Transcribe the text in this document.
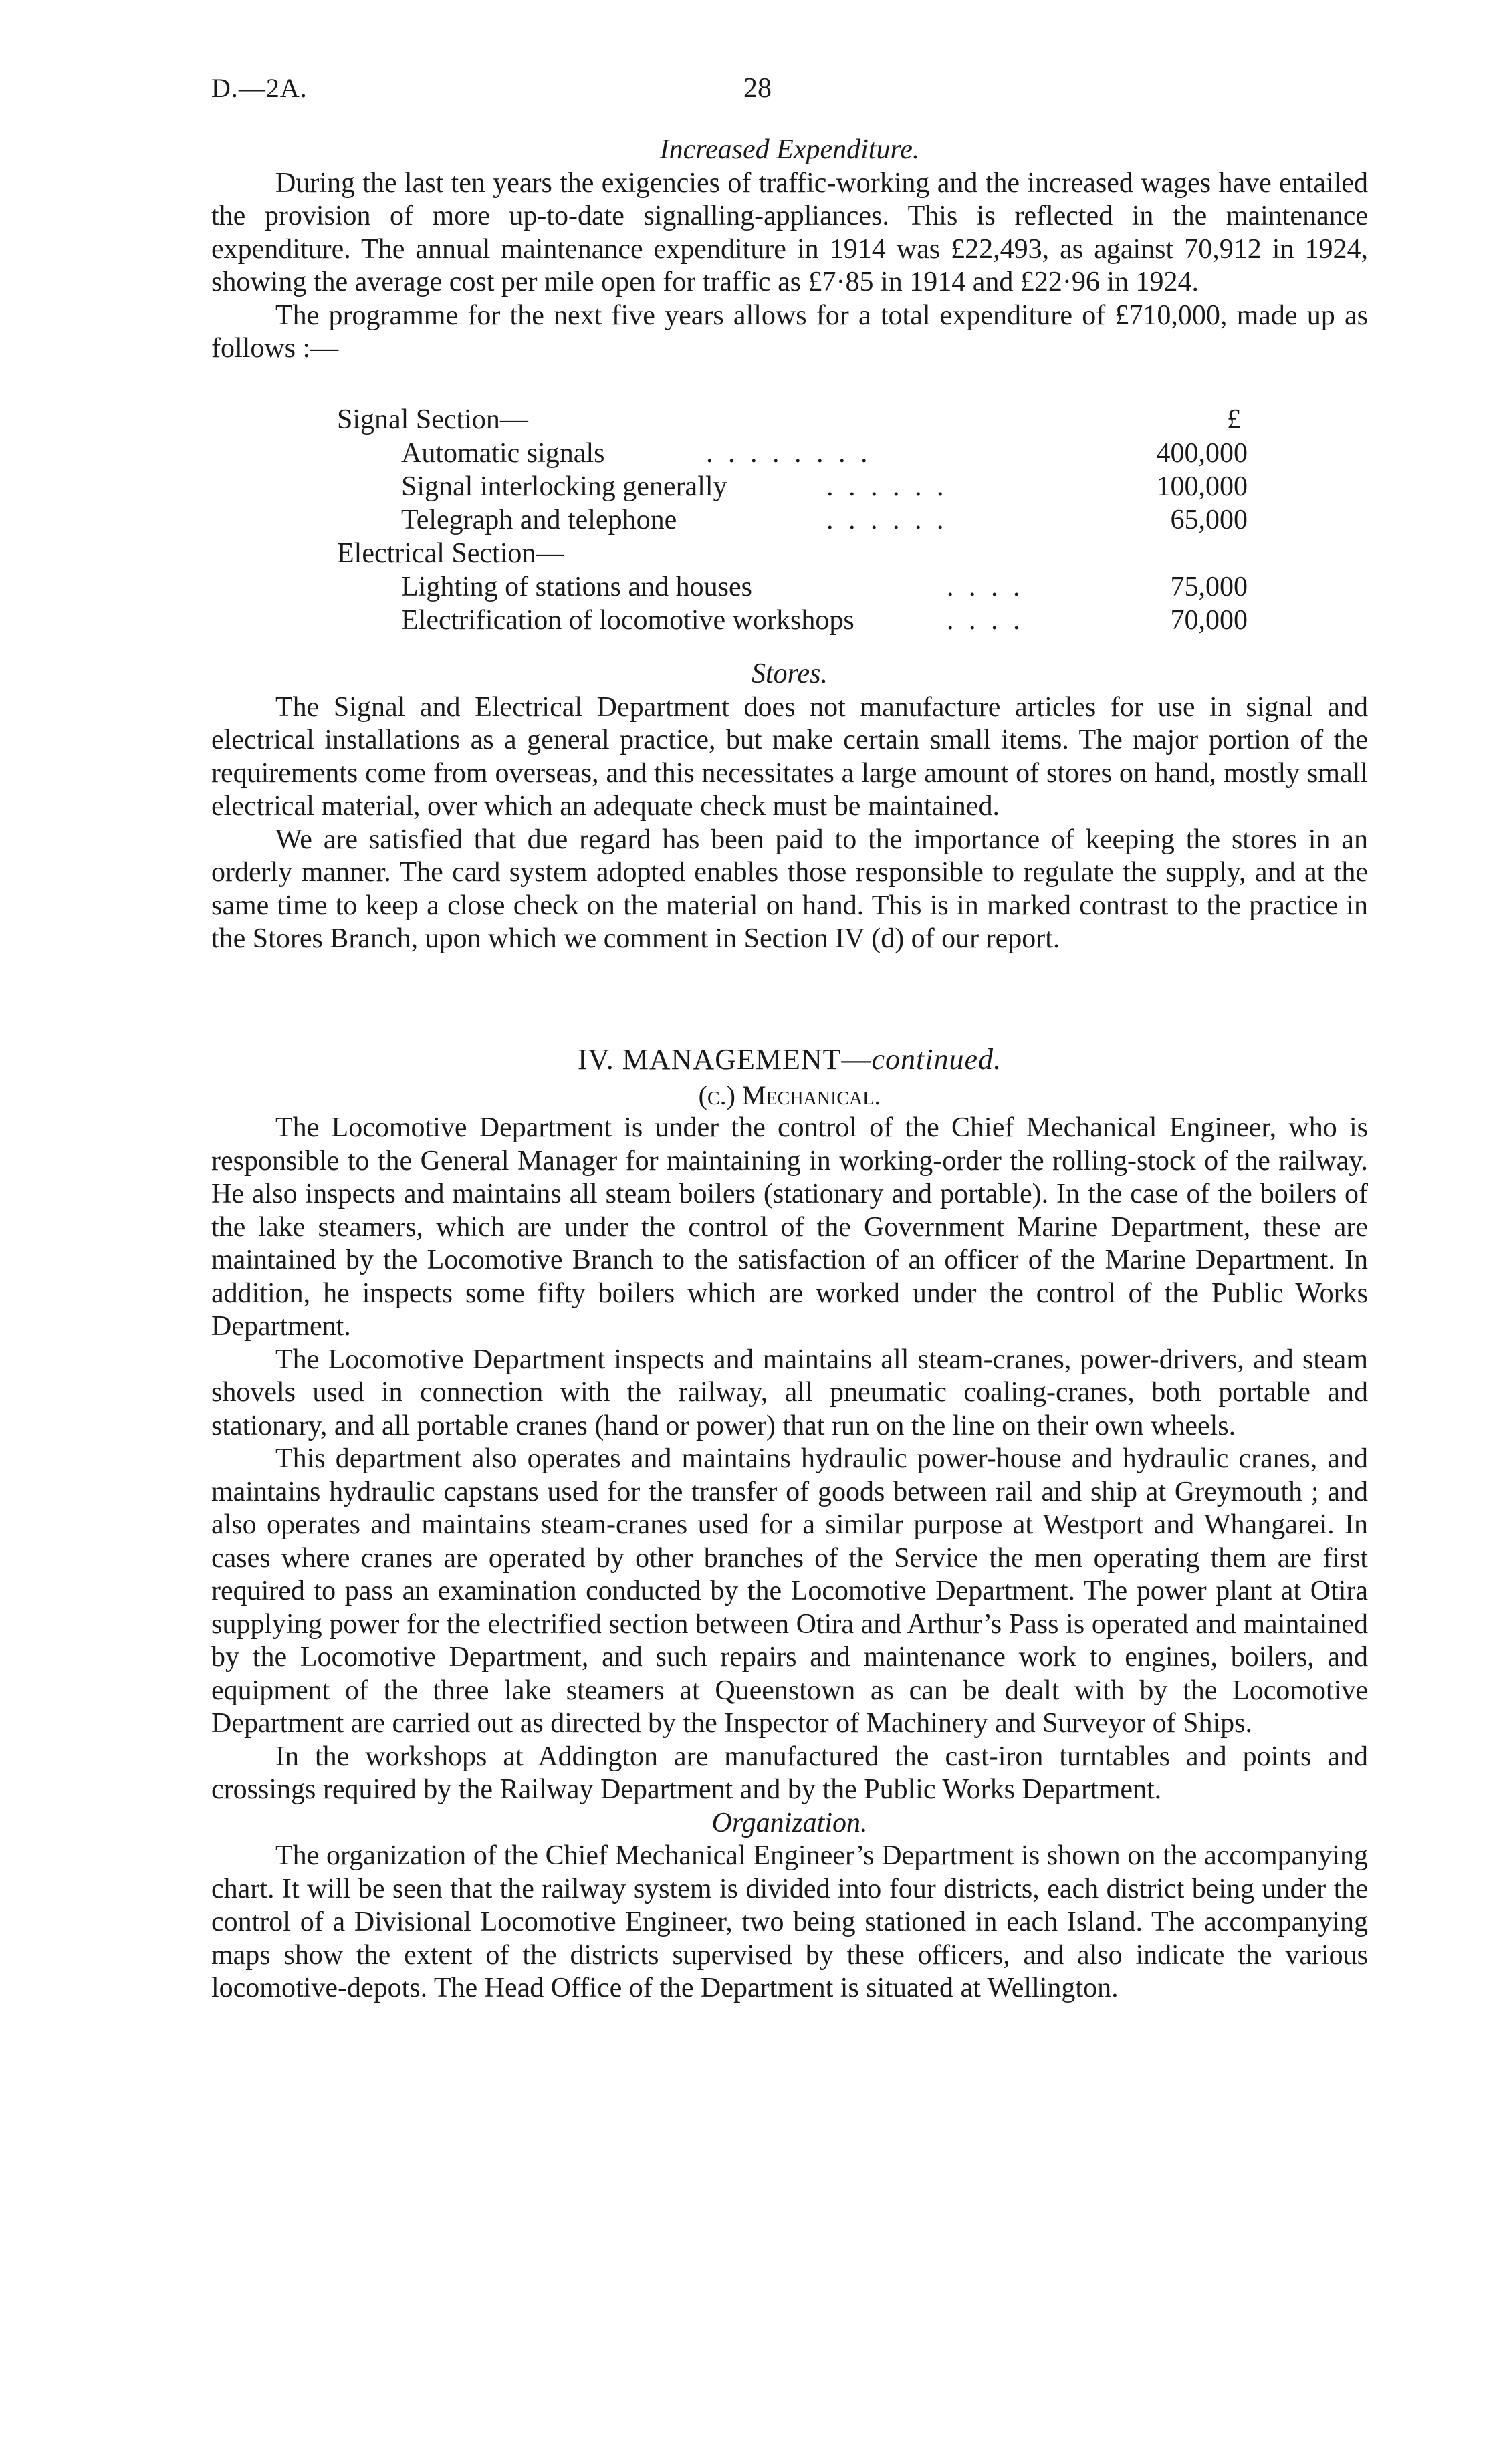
D.—2A.	28
Increased Expenditure.

During the last ten years the exigencies of traffic-working and the increased wages have entailed the provision of more up-to-date signalling-appliances. This is reflected in the maintenance expenditure. The annual maintenance expenditure in 1914 was £22,493, as against 70,912 in 1924, showing the average cost per mile open for traffic as £7·85 in 1914 and £22·96 in 1924.

The programme for the next five years allows for a total expenditure of £710,000, made up as follows :—

Signal Section—	£
Automatic signals	. . . . . . . .	400,000
Signal interlocking generally	. . . . . .	100,000
Telegraph and telephone	. . . . . .	65,000
Electrical Section—
Lighting of stations and houses	. . . .	75,000
Electrification of locomotive workshops	. . . .	70,000
Stores.

The Signal and Electrical Department does not manufacture articles for use in signal and electrical installations as a general practice, but make certain small items. The major portion of the requirements come from overseas, and this necessitates a large amount of stores on hand, mostly small electrical material, over which an adequate check must be maintained.

We are satisfied that due regard has been paid to the importance of keeping the stores in an orderly manner. The card system adopted enables those responsible to regulate the supply, and at the same time to keep a close check on the material on hand. This is in marked contrast to the practice in the Stores Branch, upon which we comment in Section IV (d) of our report.

IV. MANAGEMENT—continued.
(c.) Mechanical.

The Locomotive Department is under the control of the Chief Mechanical Engineer, who is responsible to the General Manager for maintaining in working-order the rolling-stock of the railway. He also inspects and maintains all steam boilers (stationary and portable). In the case of the boilers of the lake steamers, which are under the control of the Government Marine Department, these are maintained by the Locomotive Branch to the satisfaction of an officer of the Marine Department. In addition, he inspects some fifty boilers which are worked under the control of the Public Works Department.

The Locomotive Department inspects and maintains all steam-cranes, power-drivers, and steam shovels used in connection with the railway, all pneumatic coaling-cranes, both portable and stationary, and all portable cranes (hand or power) that run on the line on their own wheels.

This department also operates and maintains hydraulic power-house and hydraulic cranes, and maintains hydraulic capstans used for the transfer of goods between rail and ship at Greymouth ; and also operates and maintains steam-cranes used for a similar purpose at Westport and Whangarei. In cases where cranes are operated by other branches of the Service the men operating them are first required to pass an examination conducted by the Locomotive Department. The power plant at Otira supplying power for the electrified section between Otira and Arthur’s Pass is operated and maintained by the Locomotive Department, and such repairs and maintenance work to engines, boilers, and equipment of the three lake steamers at Queenstown as can be dealt with by the Locomotive Department are carried out as directed by the Inspector of Machinery and Surveyor of Ships.

In the workshops at Addington are manufactured the cast-iron turntables and points and crossings required by the Railway Department and by the Public Works Department.

Organization.

The organization of the Chief Mechanical Engineer’s Department is shown on the accompanying chart. It will be seen that the railway system is divided into four districts, each district being under the control of a Divisional Locomotive Engineer, two being stationed in each Island. The accompanying maps show the extent of the districts supervised by these officers, and also indicate the various locomotive-depots. The Head Office of the Department is situated at Wellington.
